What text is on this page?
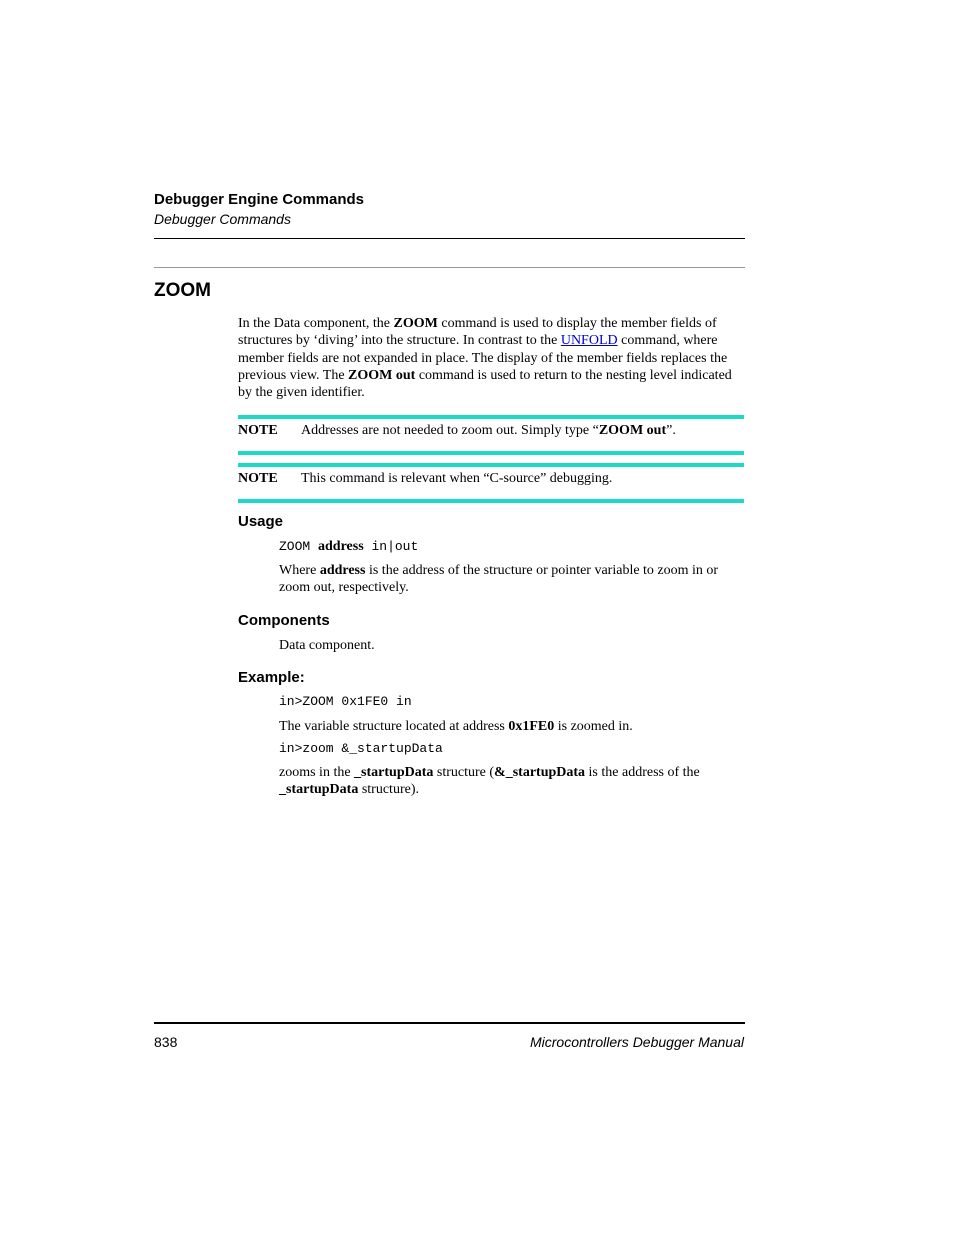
Debugger Engine Commands
Debugger Commands
ZOOM
In the Data component, the ZOOM command is used to display the member fields of structures by ‘diving’ into the structure. In contrast to the UNFOLD command, where member fields are not expanded in place. The display of the member fields replaces the previous view. The ZOOM out command is used to return to the nesting level indicated by the given identifier.
NOTE Addresses are not needed to zoom out. Simply type “ZOOM out”.
NOTE This command is relevant when “C-source” debugging.
Usage
ZOOM address in|out
Where address is the address of the structure or pointer variable to zoom in or zoom out, respectively.
Components
Data component.
Example:
in>ZOOM 0x1FE0 in
The variable structure located at address 0x1FE0 is zoomed in.
in>zoom &_startupData
zooms in the _startupData structure (&_startupData is the address of the _startupData structure).
838	Microcontrollers Debugger Manual
